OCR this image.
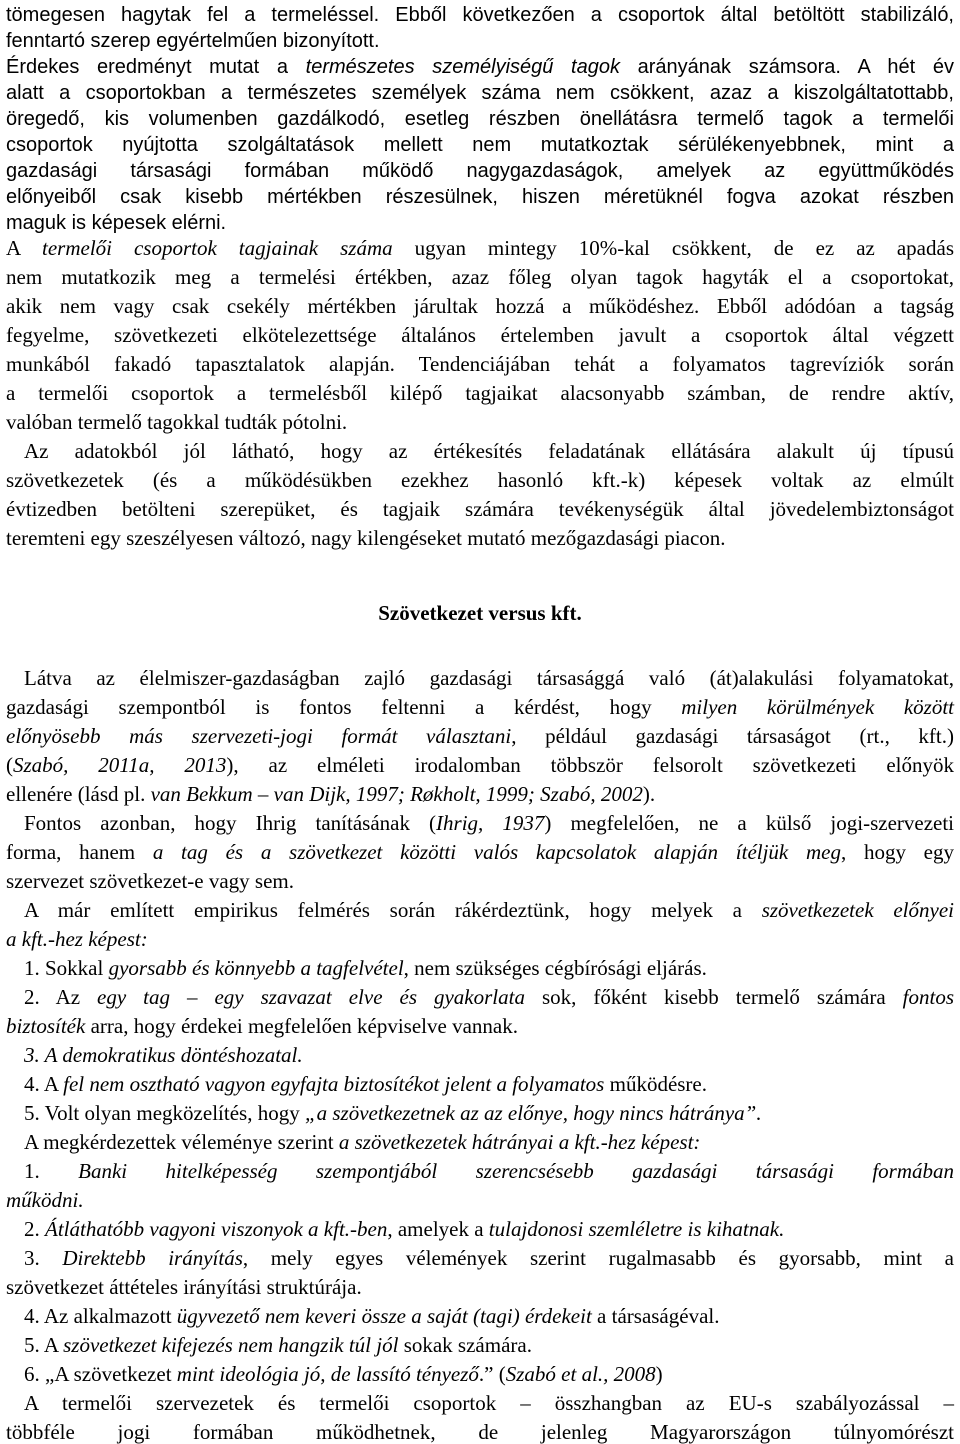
tömegesen hagytak fel a termeléssel. Ebből következően a csoportok által betöltött stabilizáló,
fenntartó szerep egyértelműen bizonyított.
Érdekes eredményt mutat a természetes személyiségű tagok arányának számsora. A hét év
alatt a csoportokban a természetes személyek száma nem csökkent, azaz a kiszolgáltatottabb,
öregedő, kis volumenben gazdálkodó, esetleg részben önellátásra termelő tagok a termelői
csoportok nyújtotta szolgáltatások mellett nem mutatkoztak sérülékenyebbnek, mint a
gazdasági társasági formában működő nagygazdaságok, amelyek az együttműködés
előnyeiből csak kisebb mértékben részesülnek, hiszen méretüknél fogva azokat részben
maguk is képesek elérni.
A termelői csoportok tagjainak száma ugyan mintegy 10%-kal csökkent, de ez az apadás
nem mutatkozik meg a termelési értékben, azaz főleg olyan tagok hagyták el a csoportokat,
akik nem vagy csak csekély mértékben járultak hozzá a működéshez. Ebből adódóan a tagság
fegyelme, szövetkezeti elkötelezettsége általános értelemben javult a csoportok által végzett
munkából fakadó tapasztalatok alapján. Tendenciájában tehát a folyamatos tagrevíziók során
a termelői csoportok a termelésből kilépő tagjaikat alacsonyabb számban, de rendre aktív,
valóban termelő tagokkal tudták pótolni.
Az adatokból jól látható, hogy az értékesítés feladatának ellátására alakult új típusú
szövetkezetek (és a működésükben ezekhez hasonló kft.-k) képesek voltak az elmúlt
évtizedben betölteni szerepüket, és tagjaik számára tevékenységük által jövedelembiztonságot
teremteni egy szeszélyesen változó, nagy kilengéseket mutató mezőgazdasági piacon.
Szövetkezet versus kft.
Látva az élelmiszer-gazdaságban zajló gazdasági társasággá való (át)alakulási folyamatokat,
gazdasági szempontból is fontos feltenni a kérdést, hogy milyen körülmények között
előnyösebb más szervezeti-jogi formát választani, például gazdasági társaságot (rt., kft.)
(Szabó, 2011a, 2013), az elméleti irodalomban többször felsorolt szövetkezeti előnyök
ellenére (lásd pl. van Bekkum – van Dijk, 1997; Røkholt, 1999; Szabó, 2002).
Fontos azonban, hogy Ihrig tanításának (Ihrig, 1937) megfelelően, ne a külső jogi-szervezeti
forma, hanem a tag és a szövetkezet közötti valós kapcsolatok alapján ítéljük meg, hogy egy
szervezet szövetkezet-e vagy sem.
A már említett empirikus felmérés során rákérdeztünk, hogy melyek a szövetkezetek előnyei
a kft.-hez képest:
1. Sokkal gyorsabb és könnyebb a tagfelvétel, nem szükséges cégbírósági eljárás.
2. Az egy tag – egy szavazat elve és gyakorlata sok, főként kisebb termelő számára fontos
biztosíték arra, hogy érdekei megfelelően képviselve vannak.
3. A demokratikus döntéshozatal.
4. A fel nem osztható vagyon egyfajta biztosítékot jelent a folyamatos működésre.
5. Volt olyan megközelítés, hogy „a szövetkezetnek az az előnye, hogy nincs hátránya”.
A megkérdezettek véleménye szerint a szövetkezetek hátrányai a kft.-hez képest:
1. Banki hitelképesség szempontjából szerencsésebb gazdasági társasági formában
működni.
2. Átláthatóbb vagyoni viszonyok a kft.-ben, amelyek a tulajdonosi szemléletre is kihatnak.
3. Direktebb irányítás, mely egyes vélemények szerint rugalmasabb és gyorsabb, mint a
szövetkezet áttételes irányítási struktúrája.
4. Az alkalmazott ügyvezető nem keveri össze a saját (tagi) érdekeit a társaságéval.
5. A szövetkezet kifejezés nem hangzik túl jól sokak számára.
6. „A szövetkezet mint ideológia jó, de lassító tényező.” (Szabó et al., 2008)
A termelői szervezetek és termelői csoportok – összhangban az EU-s szabályozással –
többféle jogi formában működhetnek, de jelenleg Magyarországon túlnyomórészt
